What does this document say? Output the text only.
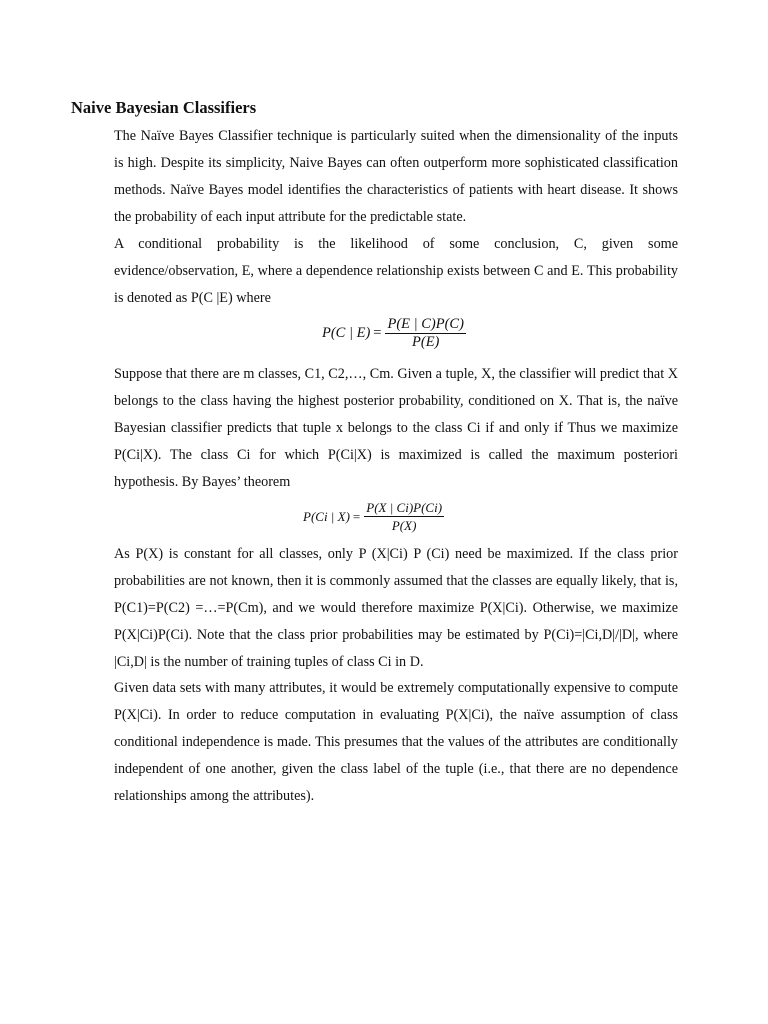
Naive Bayesian Classifiers

The Naïve Bayes Classifier technique is particularly suited when the dimensionality of the inputs is high. Despite its simplicity, Naive Bayes can often outperform more sophisticated classification methods. Naïve Bayes model identifies the characteristics of patients with heart disease. It shows the probability of each input attribute for the predictable state.

A conditional probability is the likelihood of some conclusion, C, given some evidence/observation, E, where a dependence relationship exists between C and E. This probability is denoted as P(C |E) where

P(C | $E) = \frac{P(E | C)P(C)}{P(E)}$

Suppose that there are m classes, C1, C2,…, Cm. Given a tuple, X, the classifier will predict that X belongs to the class having the highest posterior probability, conditioned on X. That is, the naïve Bayesian classifier predicts that tuple x belongs to the class Ci if and only if Thus we maximize P(Ci|X). The class Ci for which P(Ci|X) is maximized is called the maximum posteriori hypothesis. By Bayes’ theorem

P(Ci | $X) = \frac{P(X | Ci)P(Ci)}{P(X)}$

As P(X) is constant for all classes, only P (X|Ci) P (Ci) need be maximized. If the class prior probabilities are not known, then it is commonly assumed that the classes are equally likely, that is, P(C1)=P(C2) =…=P(Cm), and we would therefore maximize P(X|Ci). Otherwise, we maximize P(X|Ci)P(Ci). Note that the class prior probabilities may be estimated by P(Ci)=|Ci,D|/|D|, where |Ci,D| is the number of training tuples of class Ci in D.

Given data sets with many attributes, it would be extremely computationally expensive to compute P(X|Ci). In order to reduce computation in evaluating P(X|Ci), the naïve assumption of class conditional independence is made. This presumes that the values of the attributes are conditionally independent of one another, given the class label of the tuple (i.e., that there are no dependence relationships among the attributes).
